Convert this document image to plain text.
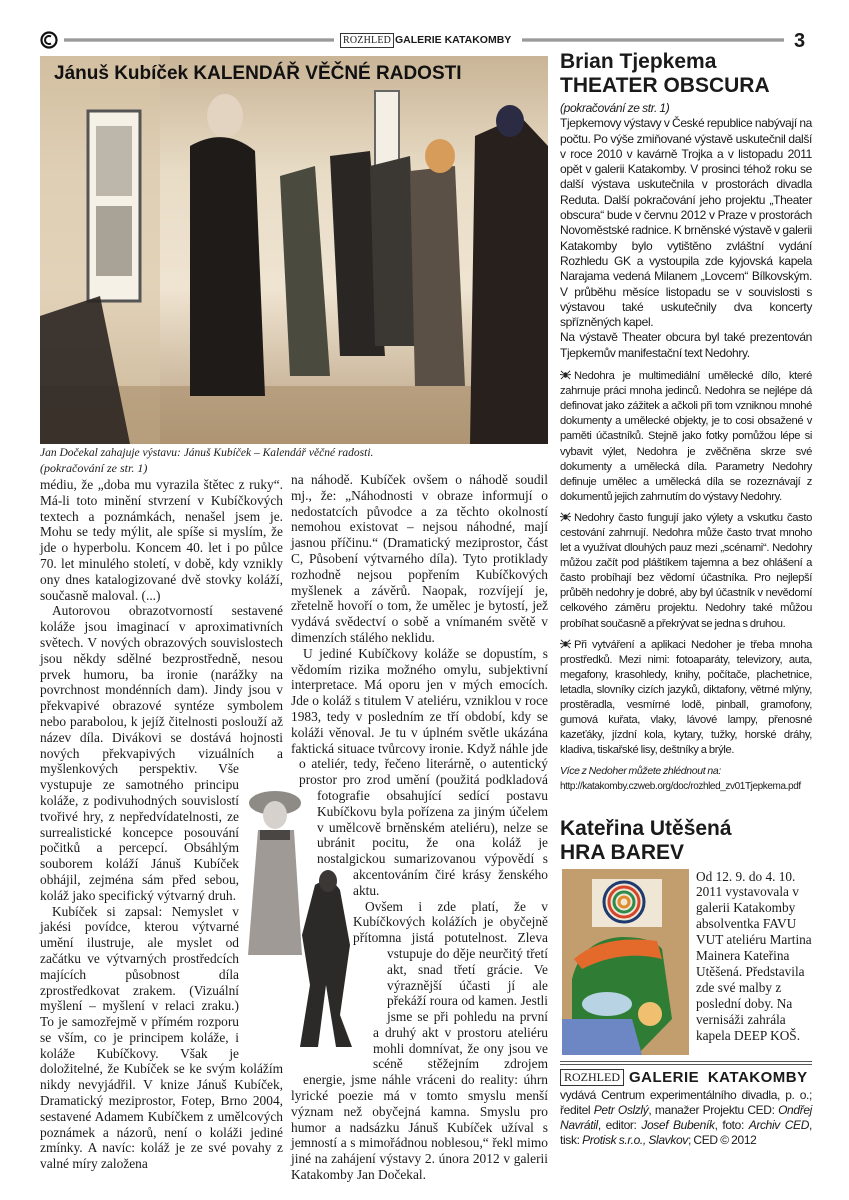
ROZHLED GALERIE KATAKOMBY	3
Jánuš Kubíček KALENDÁŘ VĚČNÉ RADOSTI
Jan Dočekal zahajuje výstavu: Jánuš Kubíček – Kalendář věčné radosti.
(pokračování ze str. 1)

médiu, že „doba mu vyrazila štětec z ruky“. Má-li toto minění stvrzení v Kubíčkových textech a poznámkách, nenašel jsem je. Mohu se tedy mýlit, ale spíše si myslím, že jde o hyperbolu. Koncem 40. let i po půlce 70. let minulého století, v době, kdy vznikly ony dnes katalogizované dvě stovky koláží, současně maloval. (...)

Autorovou obrazotvorností sestavené koláže jsou imaginací v aproximativních světech. V nových obrazových souvislostech jsou někdy sdělné bezprostředně, nesou prvek humoru, ba ironie (narážky na povrchnost mondénních dam). Jindy jsou v překvapivé obrazové syntéze symbolem nebo parabolou, k jejíž čitelnosti poslouží až název díla. Divákovi se dostává hojnosti nových překvapivých vizuálních a myšlenkových perspektiv. Vše vystupuje ze samotného principu koláže, z podivuhodných souvislostí tvořivé hry, z nepředvídatelnosti, ze surrealistické koncepce posouvání počitků a percepcí. Obsáhlým souborem koláží Jánuš Kubíček obhájil, zejména sám před sebou, koláž jako specifický výtvarný druh.

Kubíček si zapsal: Nemyslet v jakési povídce, kterou výtvarné umění ilustruje, ale myslet od začátku ve výtvarných prostředcích majících působnost díla zprostředkovat zrakem. (Vizuální myšlení – myšlení v relaci zraku.) To je samozřejmě v přímém rozporu se vším, co je principem koláže, i koláže Kubíčkovy. Však je doložitelné, že Kubíček se ke svým kolážím nikdy nevyjádřil. V knize Jánuš Kubíček, Dramatický meziprostor, Fotep, Brno 2004, sestavené Adamem Kubíčkem z umělcových poznámek a názorů, není o koláži jediné zmínky. A navíc: koláž je ze své povahy z valné míry založena

na náhodě. Kubíček ovšem o náhodě soudil mj., že: „Náhodnosti v obraze informují o nedostatcích původce a za těchto okolností nemohou existovat – nejsou náhodné, mají jasnou příčinu.“ (Dramatický meziprostor, část C, Působení výtvarného díla). Tyto protiklady rozhodně nejsou popřením Kubíčkových myšlenek a závěrů. Naopak, rozvíjejí je, zřetelně hovoří o tom, že umělec je bytostí, jež vydává svědectví o sobě a vnímaném světě v dimenzích stálého neklidu.

U jediné Kubíčkovy koláže se dopustím, s vědomím rizika možného omylu, subjektivní interpretace. Má oporu jen v mých emocích. Jde o koláž s titulem V ateliéru, vzniklou v roce 1983, tedy v posledním ze tří období, kdy se koláži věnoval. Je tu v úplném světle ukázána faktická situace tvůrcovy ironie. Když náhle jde o ateliér, tedy, řečeno literárně, o autentický prostor pro zrod umění (použitá podkladová fotografie obsahující sedící postavu Kubíčkovu byla pořízena za jiným účelem v umělcově brněnském ateliéru), nelze se ubránit pocitu, že ona koláž je nostalgickou sumarizovanou výpovědí s akcentováním čiré krásy ženského aktu.

Ovšem i zde platí, že v Kubíčkových kolážích je obyčejně přítomna jistá potutelnost. Zleva vstupuje do děje neurčitý třetí akt, snad třetí grácie. Ve výraznější účasti jí ale překáží roura od kamen. Jestli jsme se při pohledu na první a druhý akt v prostoru ateliéru mohli domnívat, že ony jsou ve scéně stěžejním zdrojem energie, jsme náhle vráceni do reality: úhrn lyrické poezie má v tomto smyslu menší význam než obyčejná kamna. Smyslu pro humor a nadsázku Jánuš Kubíček užíval s jemností a s mimořádnou noblesou,“ řekl mimo jiné na zahájení výstavy 2. února 2012 v galerii Katakomby Jan Dočekal.

Brian Tjepkema
THEATER OBSCURA
(pokračování ze str. 1)

Tjepkemovy výstavy v České republice nabývají na počtu. Po výše zmiňované výstavě uskutečnil další v roce 2010 v kavárně Trojka a v listopadu 2011 opět v galerii Katakomby. V prosinci téhož roku se další výstava uskutečnila v prostorách divadla Reduta. Další pokračování jeho projektu „Theater obscura“ bude v červnu 2012 v Praze v prostorách Novoměstské radnice. K brněnské výstavě v galerii Katakomby bylo vytištěno zvláštní vydání Rozhledu GK a vystoupila zde kyjovská kapela Narajama vedená Milanem „Lovcem“ Bílkovským. V průběhu měsíce listopadu se v souvislosti s výstavou také uskutečnily dva koncerty spřízněných kapel.

Na výstavě Theater obcura byl také prezentován Tjepkemův manifestační text Nedohry.

Nedohra je multimediální umělecké dílo, které zahrnuje práci mnoha jedinců. Nedohra se nejlépe dá definovat jako zážitek a ačkoli při tom vzniknou mnohé dokumenty a umělecké objekty, je to cosi obsažené v paměti účastníků. Stejně jako fotky pomůžou lépe si vybavit výlet, Nedohra je zvěčněna skrze své dokumenty a umělecká díla. Parametry Nedohry definuje umělec a umělecká díla se rozeznávají z dokumentů jejich zahrnutím do výstavy Nedohry.

Nedohry často fungují jako výlety a vskutku často cestování zahrnují. Nedohra může často trvat mnoho let a využívat dlouhých pauz mezi „scénami“. Nedohry můžou začít pod pláštíkem tajemna a bez ohlášení a často probíhají bez vědomí účastníka. Pro nejlepší průběh nedohry je dobré, aby byl účastník v nevědomí celkového záměru projektu. Nedohry také můžou probíhat současně a překrývat se jedna s druhou.

Při vytváření a aplikaci Nedoher je třeba mnoha prostředků. Mezi nimi: fotoaparáty, televizory, auta, megafony, krasohledy, knihy, počítače, plachetnice, letadla, slovníky cizích jazyků, diktafony, větrné mlýny, prostěradla, vesmírné lodě, pinball, gramofony, gumová kuřata, vlaky, lávové lampy, přenosné kazeťáky, jízdní kola, kytary, tužky, horské dráhy, kladiva, tiskařské lisy, deštníky a brýle.

Více z Nedoher můžete zhlédnout na:

http://katakomby.czweb.org/doc/rozhled_zv01Tjepkema.pdf

Kateřina Utěšená
HRA BAREV
Od 12. 9. do 4. 10. 2011 vystavovala v galerii Katakomby absolventka FAVU VUT ateliéru Martina Mainera Kateřina Utěšená. Představila zde své malby z poslední doby. Na vernisáži zahrála kapela DEEP KOŠ.
ROZHLED GALERIE KATAKOMBY
vydává Centrum experimentálního divadla, p. o.; ředitel Petr Oslzlý, manažer Projektu CED: Ondřej Navrátil, editor: Josef Bubeník, foto: Archiv CED, tisk: Protisk s.r.o., Slavkov; CED © 2012
